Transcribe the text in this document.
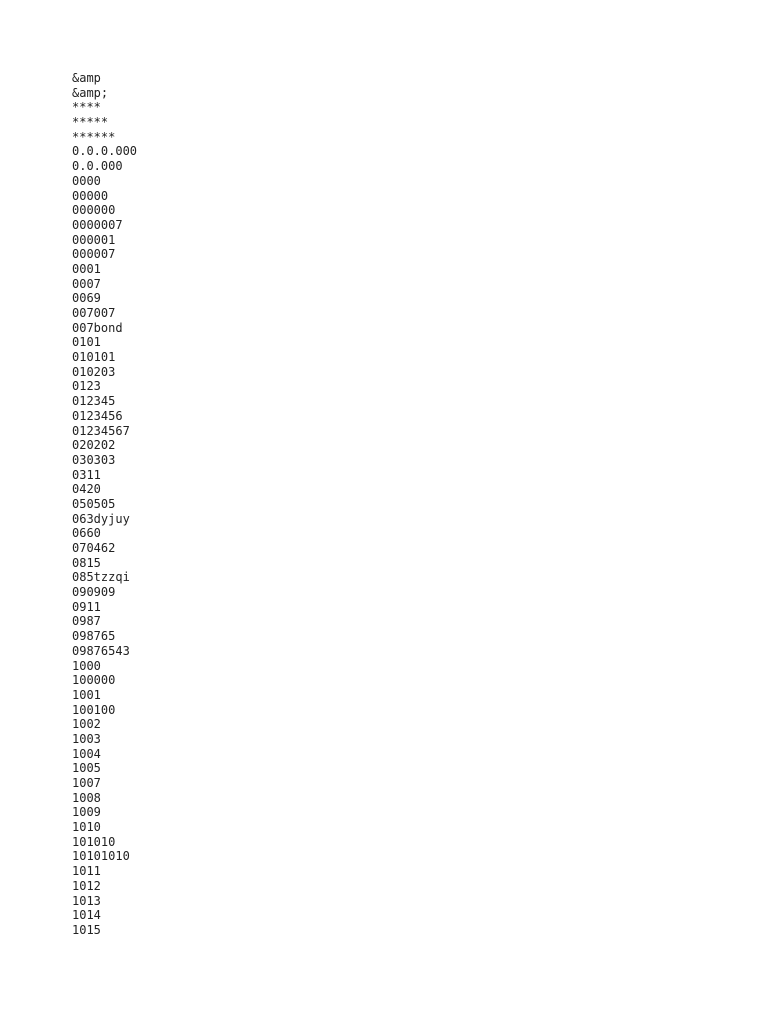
&amp
&amp;
****
*****
******
0.0.0.000
0.0.000
0000
00000
000000
0000007
000001
000007
0001
0007
0069
007007
007bond
0101
010101
010203
0123
012345
0123456
01234567
020202
030303
0311
0420
050505
063dyjuy
0660
070462
0815
085tzzqi
090909
0911
0987
098765
09876543
1000
100000
1001
100100
1002
1003
1004
1005
1007
1008
1009
1010
101010
10101010
1011
1012
1013
1014
1015
